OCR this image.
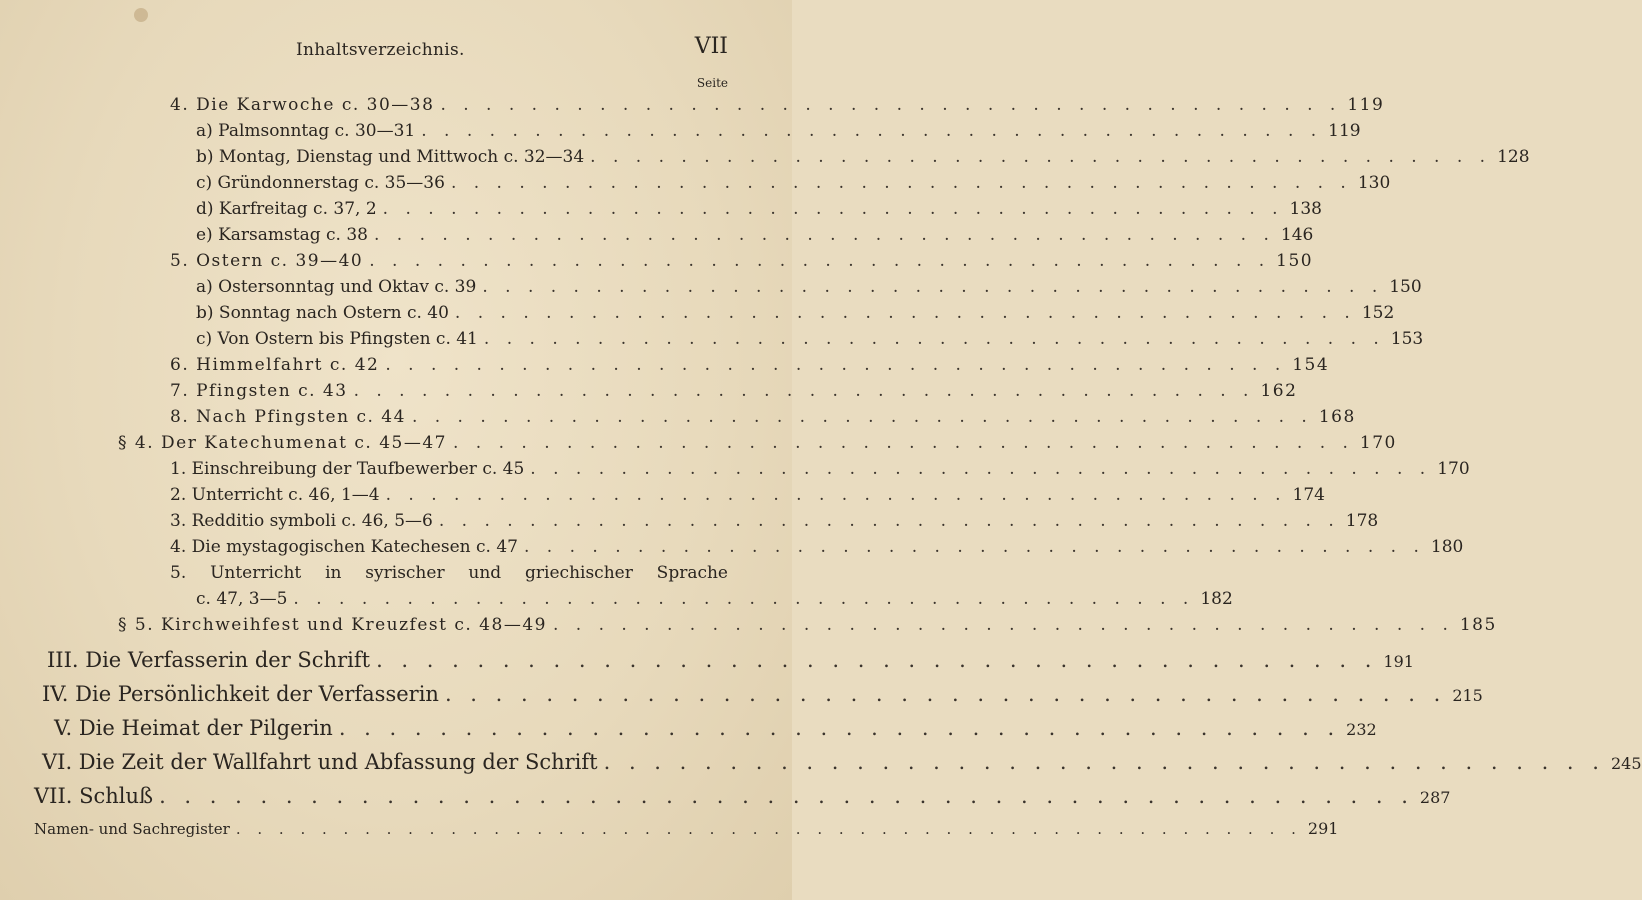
Inhaltsverzeichnis.	VII
Seite
4. Die Karwoche c. 30—38 . . . . . . . . . . . . . . . . . . . . . . . . . . . . . . . . . . . . . . . . 119
a) Palmsonntag c. 30—31 . . . . . . . . . . . . . . . . . . . . . . . . . . . . . . . . . . . . . . . . 119
b) Montag, Dienstag und Mittwoch c. 32—34 . . . . . . . . . . . . . . . . . . . . . . . . . . . . . . . . . . . . . . . . 128
c) Gründonnerstag c. 35—36 . . . . . . . . . . . . . . . . . . . . . . . . . . . . . . . . . . . . . . . . 130
d) Karfreitag c. 37, 2 . . . . . . . . . . . . . . . . . . . . . . . . . . . . . . . . . . . . . . . . 138
e) Karsamstag c. 38 . . . . . . . . . . . . . . . . . . . . . . . . . . . . . . . . . . . . . . . . 146
5. Ostern c. 39—40 . . . . . . . . . . . . . . . . . . . . . . . . . . . . . . . . . . . . . . . . 150
a) Ostersonntag und Oktav c. 39 . . . . . . . . . . . . . . . . . . . . . . . . . . . . . . . . . . . . . . . . 150
b) Sonntag nach Ostern c. 40 . . . . . . . . . . . . . . . . . . . . . . . . . . . . . . . . . . . . . . . . 152
c) Von Ostern bis Pfingsten c. 41 . . . . . . . . . . . . . . . . . . . . . . . . . . . . . . . . . . . . . . . . 153
6. Himmelfahrt c. 42 . . . . . . . . . . . . . . . . . . . . . . . . . . . . . . . . . . . . . . . . 154
7. Pfingsten c. 43 . . . . . . . . . . . . . . . . . . . . . . . . . . . . . . . . . . . . . . . . 162
8. Nach Pfingsten c. 44 . . . . . . . . . . . . . . . . . . . . . . . . . . . . . . . . . . . . . . . . 168
§ 4. Der Katechumenat c. 45—47 . . . . . . . . . . . . . . . . . . . . . . . . . . . . . . . . . . . . . . . . 170
1. Einschreibung der Taufbewerber c. 45 . . . . . . . . . . . . . . . . . . . . . . . . . . . . . . . . . . . . . . . . 170
2. Unterricht c. 46, 1—4 . . . . . . . . . . . . . . . . . . . . . . . . . . . . . . . . . . . . . . . . 174
3. Redditio symboli c. 46, 5—6 . . . . . . . . . . . . . . . . . . . . . . . . . . . . . . . . . . . . . . . . 178
4. Die mystagogischen Katechesen c. 47 . . . . . . . . . . . . . . . . . . . . . . . . . . . . . . . . . . . . . . . . 180
5. Unterricht in syrischer und griechischer Sprache
c. 47, 3—5 . . . . . . . . . . . . . . . . . . . . . . . . . . . . . . . . . . . . . . . . 182
§ 5. Kirchweihfest und Kreuzfest c. 48—49 . . . . . . . . . . . . . . . . . . . . . . . . . . . . . . . . . . . . . . . . 185
III. Die Verfasserin der Schrift . . . . . . . . . . . . . . . . . . . . . . . . . . . . . . . . . . . . . . . . 191
IV. Die Persönlichkeit der Verfasserin . . . . . . . . . . . . . . . . . . . . . . . . . . . . . . . . . . . . . . . . 215
V. Die Heimat der Pilgerin . . . . . . . . . . . . . . . . . . . . . . . . . . . . . . . . . . . . . . . . 232
VI. Die Zeit der Wallfahrt und Abfassung der Schrift . . . . . . . . . . . . . . . . . . . . . . . . . . . . . . . . . . . . . . . . 245
VII. Schluß . . . . . . . . . . . . . . . . . . . . . . . . . . . . . . . . . . . . . . . . . . . . . . . . . . 287
Namen- und Sachregister . . . . . . . . . . . . . . . . . . . . . . . . . . . . . . . . . . . . . . . . . . . . . . . . . . 291
